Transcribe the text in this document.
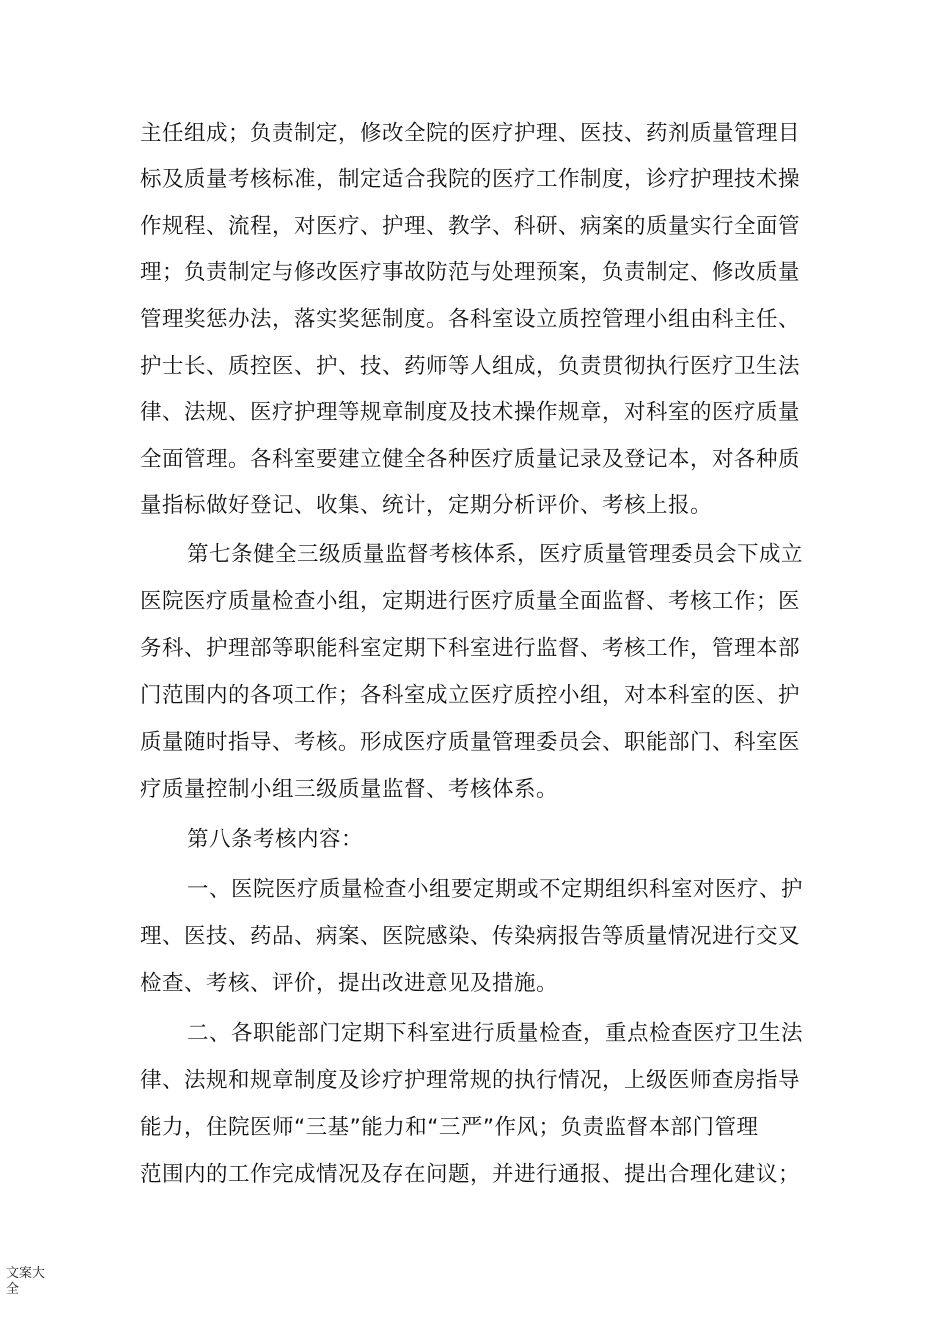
主任组成；负责制定，修改全院的医疗护理、医技、药剂质量管理目
标及质量考核标准，制定适合我院的医疗工作制度，诊疗护理技术操
作规程、流程，对医疗、护理、教学、科研、病案的质量实行全面管
理；负责制定与修改医疗事故防范与处理预案，负责制定、修改质量
管理奖惩办法，落实奖惩制度。各科室设立质控管理小组由科主任、
护士长、质控医、护、技、药师等人组成，负责贯彻执行医疗卫生法
律、法规、医疗护理等规章制度及技术操作规章，对科室的医疗质量
全面管理。各科室要建立健全各种医疗质量记录及登记本，对各种质
量指标做好登记、收集、统计，定期分析评价、考核上报。
第七条健全三级质量监督考核体系，医疗质量管理委员会下成立
医院医疗质量检查小组，定期进行医疗质量全面监督、考核工作；医
务科、护理部等职能科室定期下科室进行监督、考核工作，管理本部
门范围内的各项工作；各科室成立医疗质控小组，对本科室的医、护
质量随时指导、考核。形成医疗质量管理委员会、职能部门、科室医
疗质量控制小组三级质量监督、考核体系。
第八条考核内容：
一、医院医疗质量检查小组要定期或不定期组织科室对医疗、护
理、医技、药品、病案、医院感染、传染病报告等质量情况进行交叉
检查、考核、评价，提出改进意见及措施。
二、各职能部门定期下科室进行质量检查，重点检查医疗卫生法
律、法规和规章制度及诊疗护理常规的执行情况，上级医师查房指导
能力，住院医师“三基”能力和“三严”作风；负责监督本部门管理
范围内的工作完成情况及存在问题，并进行通报、提出合理化建议；
文案大
全
